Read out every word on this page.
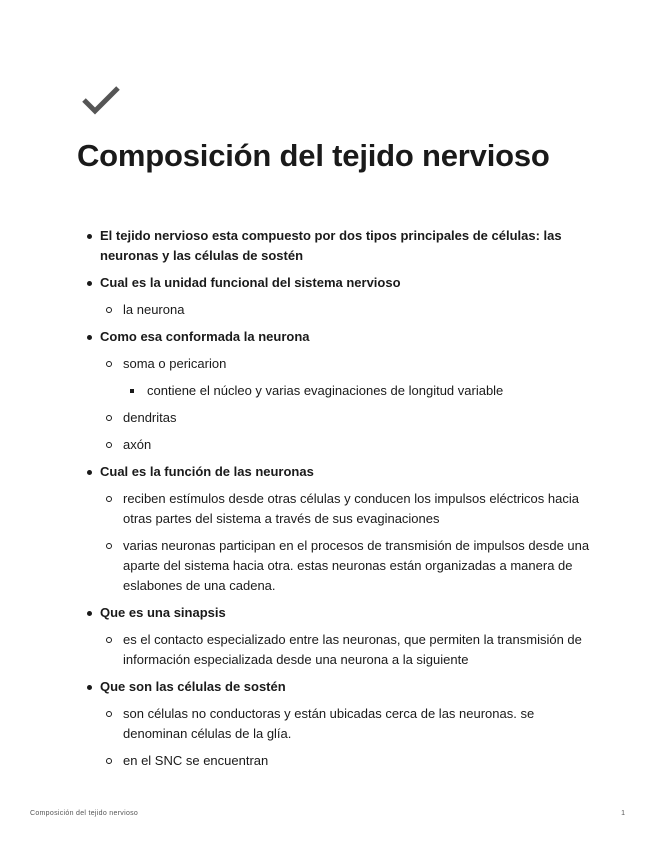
Composición del tejido nervioso
El tejido nervioso esta compuesto por dos tipos principales de células: las neuronas y las células de sostén
Cual es la unidad funcional del sistema nervioso
la neurona
Como esa conformada la neurona
soma o pericarion
contiene el núcleo y varias evaginaciones de longitud variable
dendritas
axón
Cual es la función de las neuronas
reciben estímulos desde otras células y conducen los impulsos eléctricos hacia otras partes del sistema a través de sus evaginaciones
varias neuronas participan en el procesos de transmisión de impulsos desde una aparte del sistema hacia otra. estas neuronas están organizadas a manera de eslabones de una cadena.
Que es una sinapsis
es el contacto especializado entre las neuronas, que permiten la transmisión de información especializada desde una neurona a la siguiente
Que son las células de sostén
son células no conductoras y están ubicadas cerca de las neuronas. se denominan células de la glía.
en el SNC se encuentran
Composición del tejido nervioso	1
